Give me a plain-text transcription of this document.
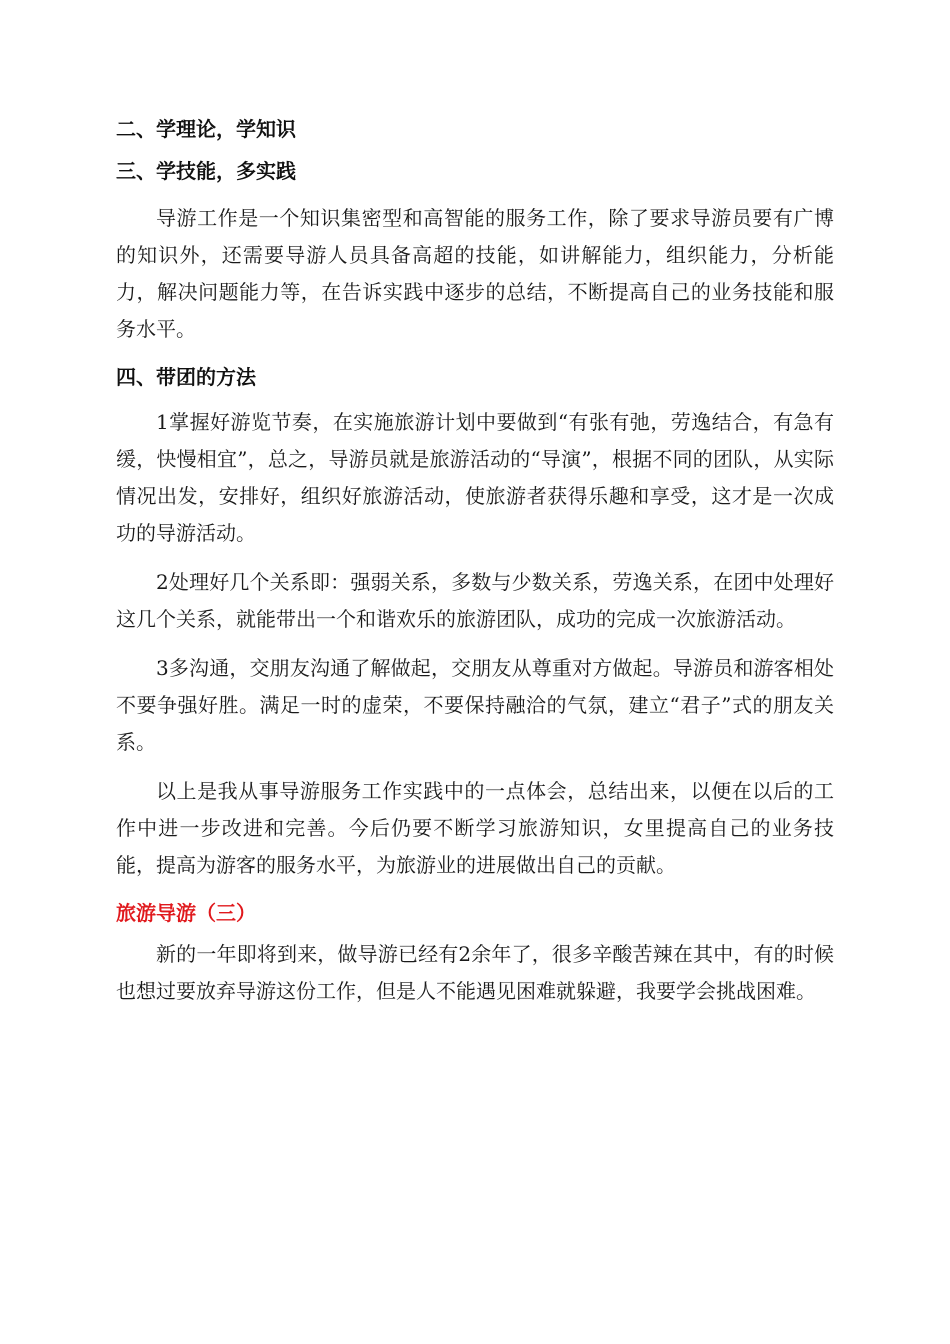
二、学理论，学知识

三、学技能，多实践

导游工作是一个知识集密型和高智能的服务工作，除了要求导游员要有广博的知识外，还需要导游人员具备高超的技能，如讲解能力，组织能力，分析能力，解决问题能力等，在告诉实践中逐步的总结，不断提高自己的业务技能和服务水平。

四、带团的方法

1掌握好游览节奏，在实施旅游计划中要做到“有张有弛，劳逸结合，有急有缓，快慢相宜”，总之，导游员就是旅游活动的“导演”，根据不同的团队，从实际情况出发，安排好，组织好旅游活动，使旅游者获得乐趣和享受，这才是一次成功的导游活动。

2处理好几个关系即：强弱关系，多数与少数关系，劳逸关系，在团中处理好这几个关系，就能带出一个和谐欢乐的旅游团队，成功的完成一次旅游活动。

3多沟通，交朋友沟通了解做起，交朋友从尊重对方做起。导游员和游客相处不要争强好胜。满足一时的虚荣，不要保持融洽的气氛，建立“君子”式的朋友关系。

以上是我从事导游服务工作实践中的一点体会，总结出来，以便在以后的工作中进一步改进和完善。今后仍要不断学习旅游知识，女里提高自己的业务技能，提高为游客的服务水平，为旅游业的进展做出自己的贡献。

旅游导游（三）

新的一年即将到来，做导游已经有2余年了，很多辛酸苦辣在其中，有的时候也想过要放弃导游这份工作，但是人不能遇见困难就躲避，我要学会挑战困难。
